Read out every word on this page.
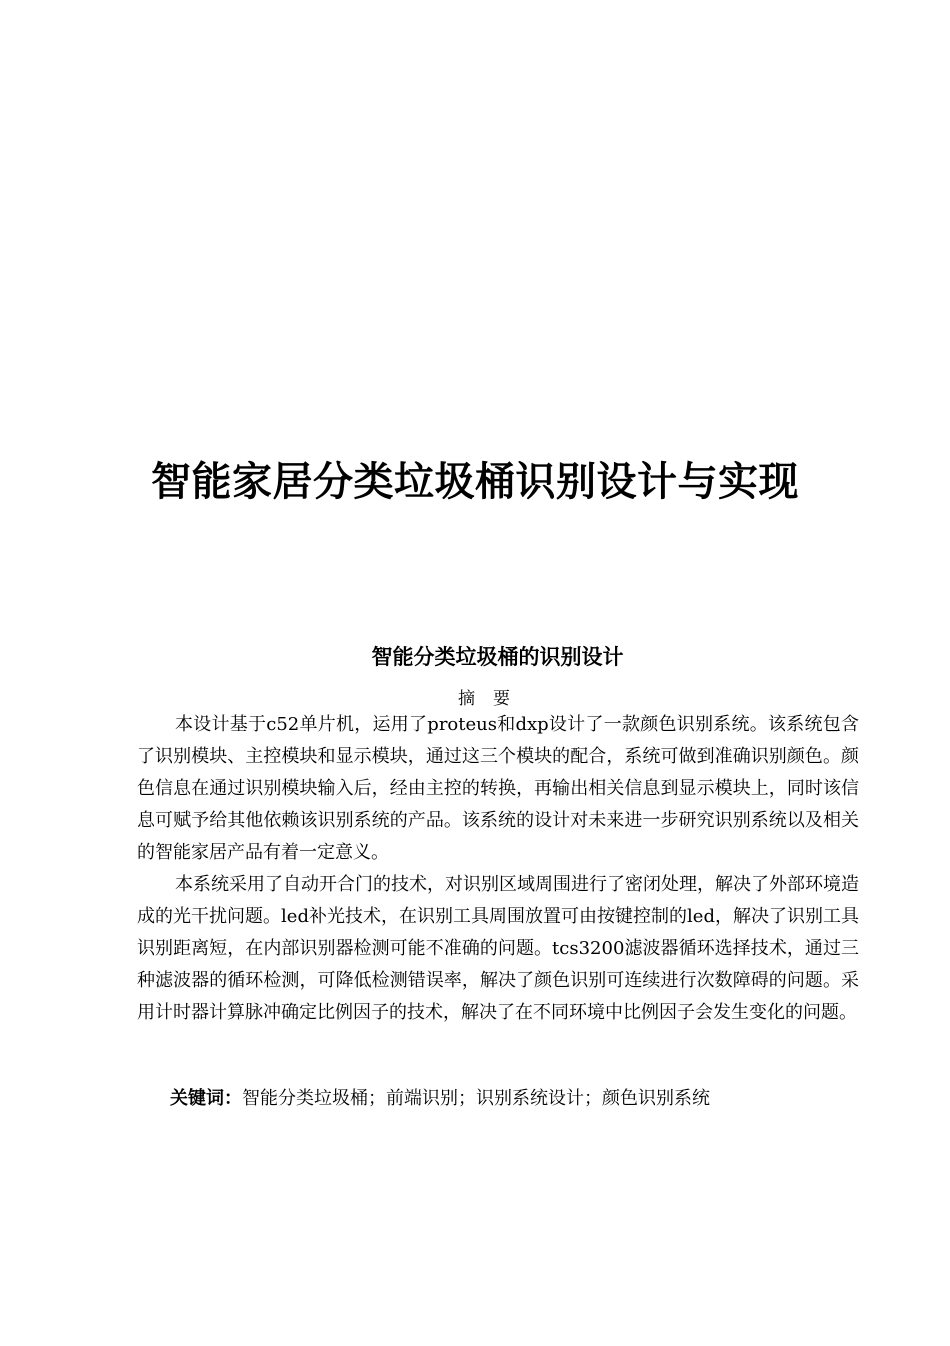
智能家居分类垃圾桶识别设计与实现
智能分类垃圾桶的识别设计
摘要

本设计基于c52单片机，运用了proteus和dxp设计了一款颜色识别系统。该系统包含了识别模块、主控模块和显示模块，通过这三个模块的配合，系统可做到准确识别颜色。颜色信息在通过识别模块输入后，经由主控的转换，再输出相关信息到显示模块上，同时该信息可赋予给其他依赖该识别系统的产品。该系统的设计对未来进一步研究识别系统以及相关的智能家居产品有着一定意义。

本系统采用了自动开合门的技术，对识别区域周围进行了密闭处理，解决了外部环境造成的光干扰问题。led补光技术，在识别工具周围放置可由按键控制的led，解决了识别工具识别距离短，在内部识别器检测可能不准确的问题。tcs3200滤波器循环选择技术，通过三种滤波器的循环检测，可降低检测错误率，解决了颜色识别可连续进行次数障碍的问题。采用计时器计算脉冲确定比例因子的技术，解决了在不同环境中比例因子会发生变化的问题。

关键词：智能分类垃圾桶；前端识别；识别系统设计；颜色识别系统
